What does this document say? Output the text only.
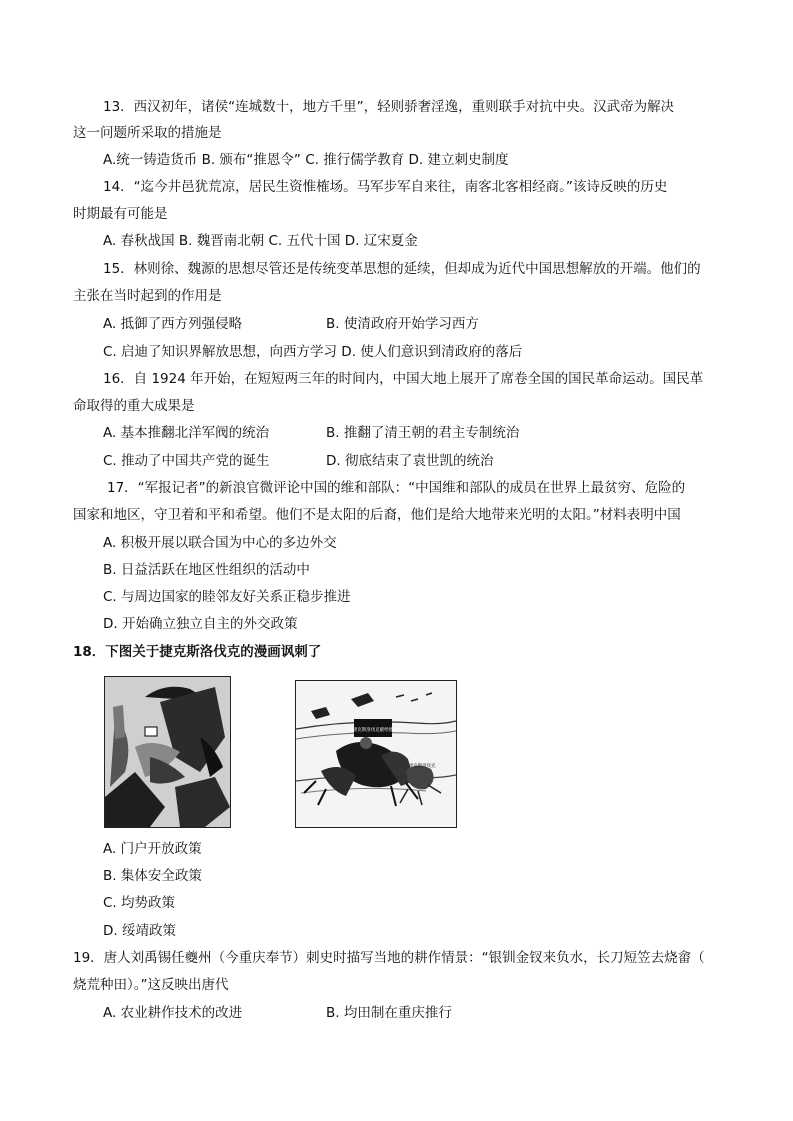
13．西汉初年，诸侯“连城数十，地方千里”，轻则骄奢淫逸，重则联手对抗中央。汉武帝为解决
这一问题所采取的措施是
A.统一铸造货币 B. 颁布“推恩令” C. 推行儒学教育 D. 建立刺史制度
14．“迄今井邑犹荒凉，居民生资惟榷场。马军步军自来往，南客北客相经商。”该诗反映的历史
时期最有可能是
A. 春秋战国 B. 魏晋南北朝 C. 五代十国 D. 辽宋夏金
15．林则徐、魏源的思想尽管还是传统变革思想的延续，但却成为近代中国思想解放的开端。他们的
主张在当时起到的作用是
A. 抵御了西方列强侵略	B. 使清政府开始学习西方
C. 启迪了知识界解放思想，向西方学习 D. 使人们意识到清政府的落后
16．自 1924 年开始，在短短两三年的时间内，中国大地上展开了席卷全国的国民革命运动。国民革
命取得的重大成果是
A. 基本推翻北洋军阀的统治	B. 推翻了清王朝的君主专制统治
C. 推动了中国共产党的诞生	D. 彻底结束了袁世凯的统治
17．“军报记者”的新浪官微评论中国的维和部队：“中国维和部队的成员在世界上最贫穷、危险的
国家和地区，守卫着和平和希望。他们不是太阳的后裔，他们是给大地带来光明的太阳。”材料表明中国
A. 积极开展以联合国为中心的多边外交
B. 日益活跃在地区性组织的活动中
C. 与周边国家的睦邻友好关系正稳步推进
D. 开始确立独立自主的外交政策
18．下图关于捷克斯洛伐克的漫画讽刺了
把捷克斯洛伐克献给德国
捷克斯洛伐克
A. 门户开放政策
B. 集体安全政策
C. 均势政策
D. 绥靖政策
19．唐人刘禹锡任夔州（今重庆奉节）刺史时描写当地的耕作情景：“银钏金钗来负水，长刀短笠去烧畲（
烧荒种田）。”这反映出唐代
A. 农业耕作技术的改进	B. 均田制在重庆推行
